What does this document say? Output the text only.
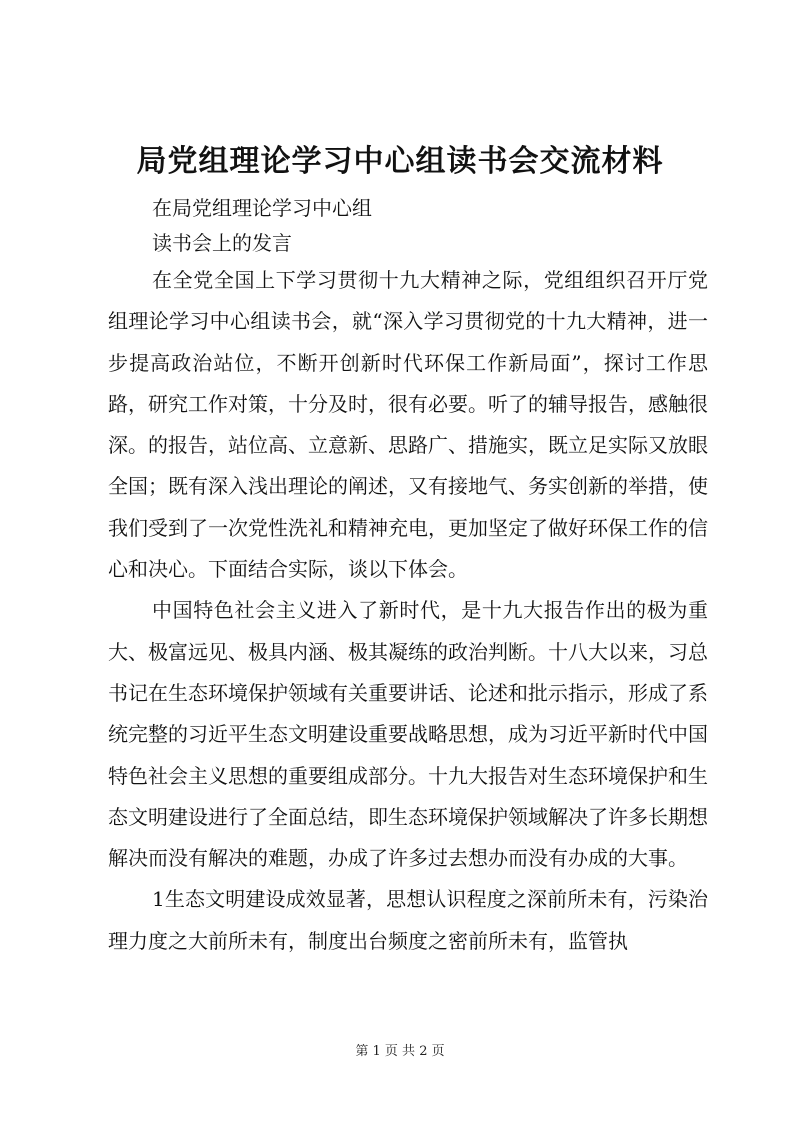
局党组理论学习中心组读书会交流材料

在局党组理论学习中心组

读书会上的发言

在全党全国上下学习贯彻十九大精神之际，党组组织召开厅党组理论学习中心组读书会，就“深入学习贯彻党的十九大精神，进一步提高政治站位，不断开创新时代环保工作新局面”，探讨工作思路，研究工作对策，十分及时，很有必要。听了的辅导报告，感触很深。的报告，站位高、立意新、思路广、措施实，既立足实际又放眼全国；既有深入浅出理论的阐述，又有接地气、务实创新的举措，使我们受到了一次党性洗礼和精神充电，更加坚定了做好环保工作的信心和决心。下面结合实际，谈以下体会。

中国特色社会主义进入了新时代，是十九大报告作出的极为重大、极富远见、极具内涵、极其凝练的政治判断。十八大以来，习总书记在生态环境保护领域有关重要讲话、论述和批示指示，形成了系统完整的习近平生态文明建设重要战略思想，成为习近平新时代中国特色社会主义思想的重要组成部分。十九大报告对生态环境保护和生态文明建设进行了全面总结，即生态环境保护领域解决了许多长期想解决而没有解决的难题，办成了许多过去想办而没有办成的大事。

1生态文明建设成效显著，思想认识程度之深前所未有，污染治理力度之大前所未有，制度出台频度之密前所未有，监管执

第 1 页 共 2 页
